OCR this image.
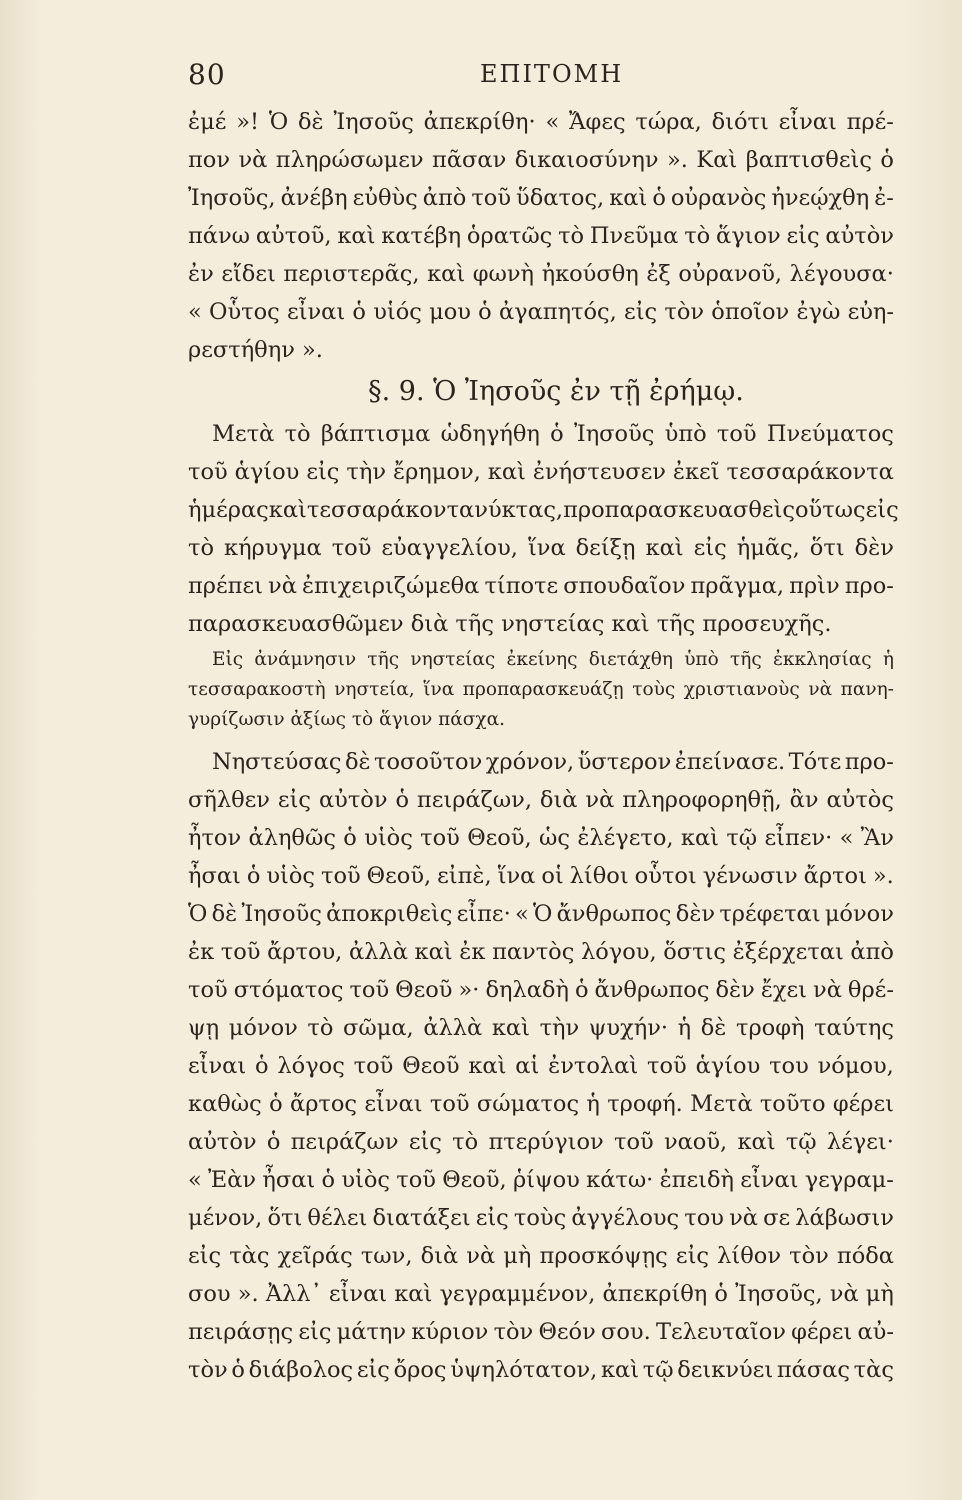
80	ΕΠΙΤΟΜΗ
ἐμέ »! Ὁ δὲ Ἰησοῦς ἀπεκρίθη· « Ἄφες τώρα, διότι εἶναι πρέ-
πον νὰ πληρώσωμεν πᾶσαν δικαιοσύνην ». Καὶ βαπτισθεὶς ὁ
Ἰησοῦς, ἀνέβη εὐθὺς ἀπὸ τοῦ ὕδατος, καὶ ὁ οὐρανὸς ἠνεῴχθη ἐ-
πάνω αὐτοῦ, καὶ κατέβη ὁρατῶς τὸ Πνεῦμα τὸ ἅγιον εἰς αὐτὸν
ἐν εἴδει περιστερᾶς, καὶ φωνὴ ἠκούσθη ἐξ οὐρανοῦ, λέγουσα·
« Οὗτος εἶναι ὁ υἱός μου ὁ ἀγαπητός, εἰς τὸν ὁποῖον ἐγὼ εὐη-
ρεστήθην ».
§. 9. Ὁ Ἰησοῦς ἐν τῇ ἐρήμῳ.
Μετὰ τὸ βάπτισμα ὡδηγήθη ὁ Ἰησοῦς ὑπὸ τοῦ Πνεύματος
τοῦ ἁγίου εἰς τὴν ἔρημον, καὶ ἐνήστευσεν ἐκεῖ τεσσαράκοντα
ἡμέρας καὶ τεσσαράκοντα νύκτας, προπαρασκευασθεὶς οὕτως εἰς
τὸ κήρυγμα τοῦ εὐαγγελίου, ἵνα δείξῃ καὶ εἰς ἡμᾶς, ὅτι δὲν
πρέπει νὰ ἐπιχειριζώμεθα τίποτε σπουδαῖον πρᾶγμα, πρὶν προ-
παρασκευασθῶμεν διὰ τῆς νηστείας καὶ τῆς προσευχῆς.
Εἰς ἀνάμνησιν τῆς νηστείας ἐκείνης διετάχθη ὑπὸ τῆς ἐκκλησίας ἡ
τεσσαρακοστὴ νηστεία, ἵνα προπαρασκευάζῃ τοὺς χριστιανοὺς νὰ πανη-
γυρίζωσιν ἀξίως τὸ ἅγιον πάσχα.
Νηστεύσας δὲ τοσοῦτον χρόνον, ὕστερον ἐπείνασε. Τότε προ-
σῆλθεν εἰς αὐτὸν ὁ πειράζων, διὰ νὰ πληροφορηθῇ, ἂν αὐτὸς
ἦτον ἀληθῶς ὁ υἱὸς τοῦ Θεοῦ, ὡς ἐλέγετο, καὶ τῷ εἶπεν· « Ἂν
ἦσαι ὁ υἱὸς τοῦ Θεοῦ, εἰπὲ, ἵνα οἱ λίθοι οὗτοι γένωσιν ἄρτοι ».
Ὁ δὲ Ἰησοῦς ἀποκριθεὶς εἶπε· « Ὁ ἄνθρωπος δὲν τρέφεται μόνον
ἐκ τοῦ ἄρτου, ἀλλὰ καὶ ἐκ παντὸς λόγου, ὅστις ἐξέρχεται ἀπὸ
τοῦ στόματος τοῦ Θεοῦ »· δηλαδὴ ὁ ἄνθρωπος δὲν ἔχει νὰ θρέ-
ψῃ μόνον τὸ σῶμα, ἀλλὰ καὶ τὴν ψυχήν· ἡ δὲ τροφὴ ταύτης
εἶναι ὁ λόγος τοῦ Θεοῦ καὶ αἱ ἐντολαὶ τοῦ ἁγίου του νόμου,
καθὼς ὁ ἄρτος εἶναι τοῦ σώματος ἡ τροφή. Μετὰ τοῦτο φέρει
αὐτὸν ὁ πειράζων εἰς τὸ πτερύγιον τοῦ ναοῦ, καὶ τῷ λέγει·
« Ἐὰν ἦσαι ὁ υἱὸς τοῦ Θεοῦ, ῥίψου κάτω· ἐπειδὴ εἶναι γεγραμ-
μένον, ὅτι θέλει διατάξει εἰς τοὺς ἀγγέλους του νὰ σε λάβωσιν
εἰς τὰς χεῖράς των, διὰ νὰ μὴ προσκόψῃς εἰς λίθον τὸν πόδα
σου ». Ἀλλ᾽ εἶναι καὶ γεγραμμένον, ἀπεκρίθη ὁ Ἰησοῦς, νὰ μὴ
πειράσῃς εἰς μάτην κύριον τὸν Θεόν σου. Τελευταῖον φέρει αὐ-
τὸν ὁ διάβολος εἰς ὄρος ὑψηλότατον, καὶ τῷ δεικνύει πάσας τὰς
